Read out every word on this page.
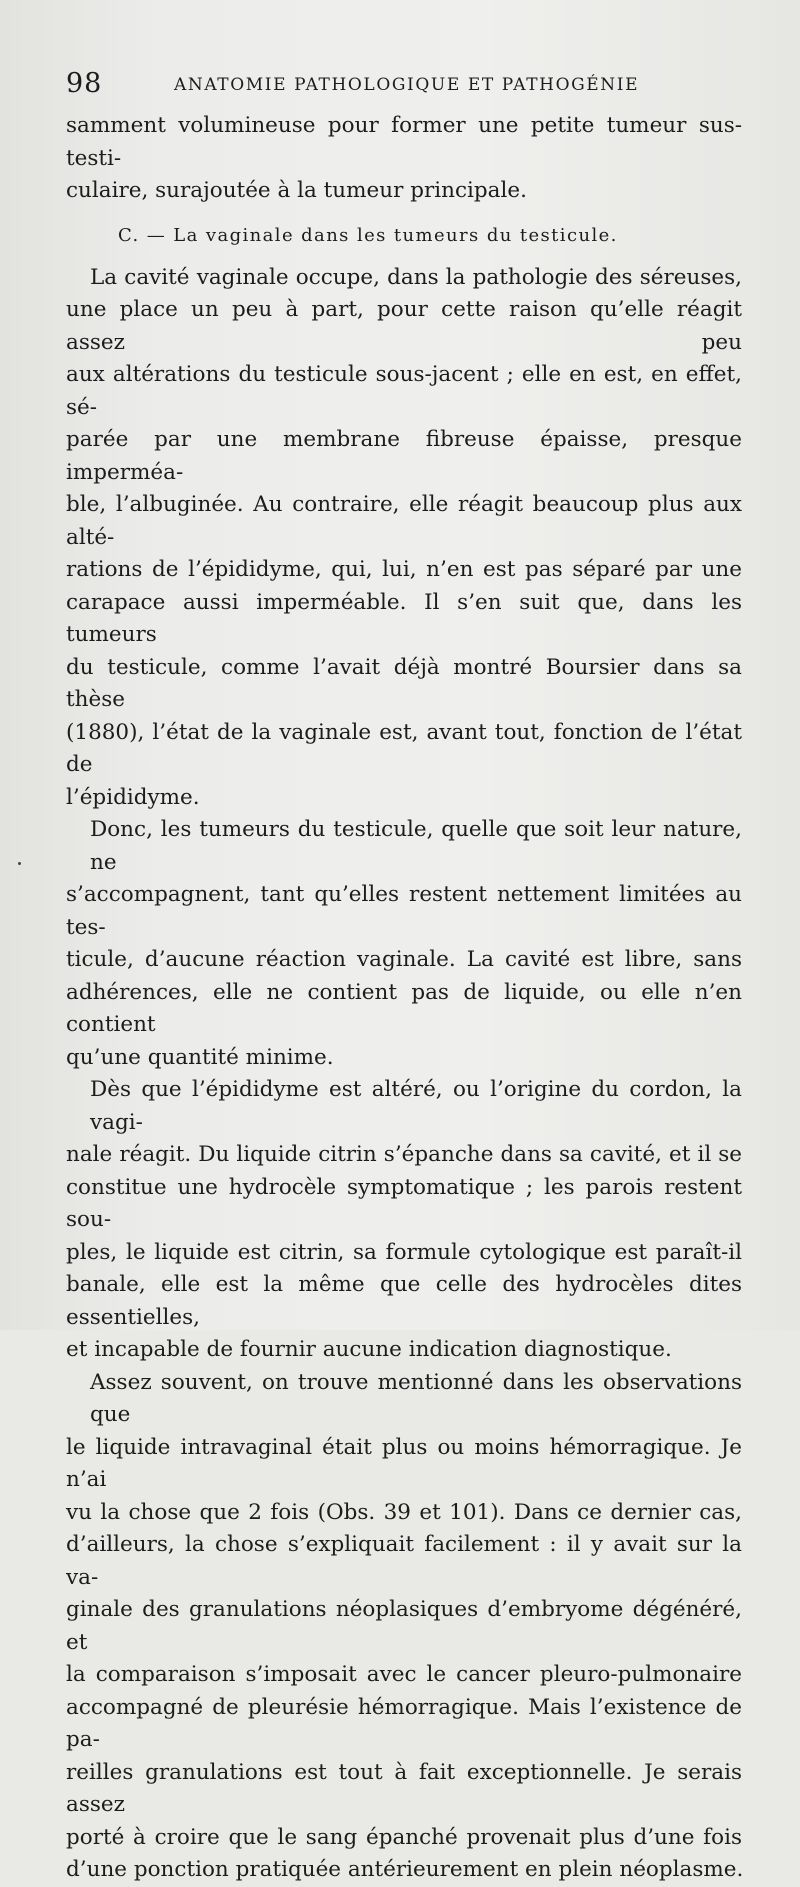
98	ANATOMIE PATHOLOGIQUE ET PATHOGÉNIE
samment volumineuse pour former une petite tumeur sus-testi-
culaire, surajoutée à la tumeur principale.
C. — La vaginale dans les tumeurs du testicule.
La cavité vaginale occupe, dans la pathologie des séreuses,
une place un peu à part, pour cette raison qu’elle réagit assez peu
aux altérations du testicule sous-jacent ; elle en est, en effet, sé-
parée par une membrane fibreuse épaisse, presque imperméa-
ble, l’albuginée. Au contraire, elle réagit beaucoup plus aux alté-
rations de l’épididyme, qui, lui, n’en est pas séparé par une
carapace aussi imperméable. Il s’en suit que, dans les tumeurs
du testicule, comme l’avait déjà montré Boursier dans sa thèse
(1880), l’état de la vaginale est, avant tout, fonction de l’état de
l’épididyme.
Donc, les tumeurs du testicule, quelle que soit leur nature, ne
s’accompagnent, tant qu’elles restent nettement limitées au tes-
ticule, d’aucune réaction vaginale. La cavité est libre, sans
adhérences, elle ne contient pas de liquide, ou elle n’en contient
qu’une quantité minime.
Dès que l’épididyme est altéré, ou l’origine du cordon, la vagi-
nale réagit. Du liquide citrin s’épanche dans sa cavité, et il se
constitue une hydrocèle symptomatique ; les parois restent sou-
ples, le liquide est citrin, sa formule cytologique est paraît-il
banale, elle est la même que celle des hydrocèles dites essentielles,
et incapable de fournir aucune indication diagnostique.
Assez souvent, on trouve mentionné dans les observations que
le liquide intravaginal était plus ou moins hémorragique. Je n’ai
vu la chose que 2 fois (Obs. 39 et 101). Dans ce dernier cas,
d’ailleurs, la chose s’expliquait facilement : il y avait sur la va-
ginale des granulations néoplasiques d’embryome dégénéré, et
la comparaison s’imposait avec le cancer pleuro-pulmonaire
accompagné de pleurésie hémorragique. Mais l’existence de pa-
reilles granulations est tout à fait exceptionnelle. Je serais assez
porté à croire que le sang épanché provenait plus d’une fois
d’une ponction pratiquée antérieurement en plein néoplasme.
